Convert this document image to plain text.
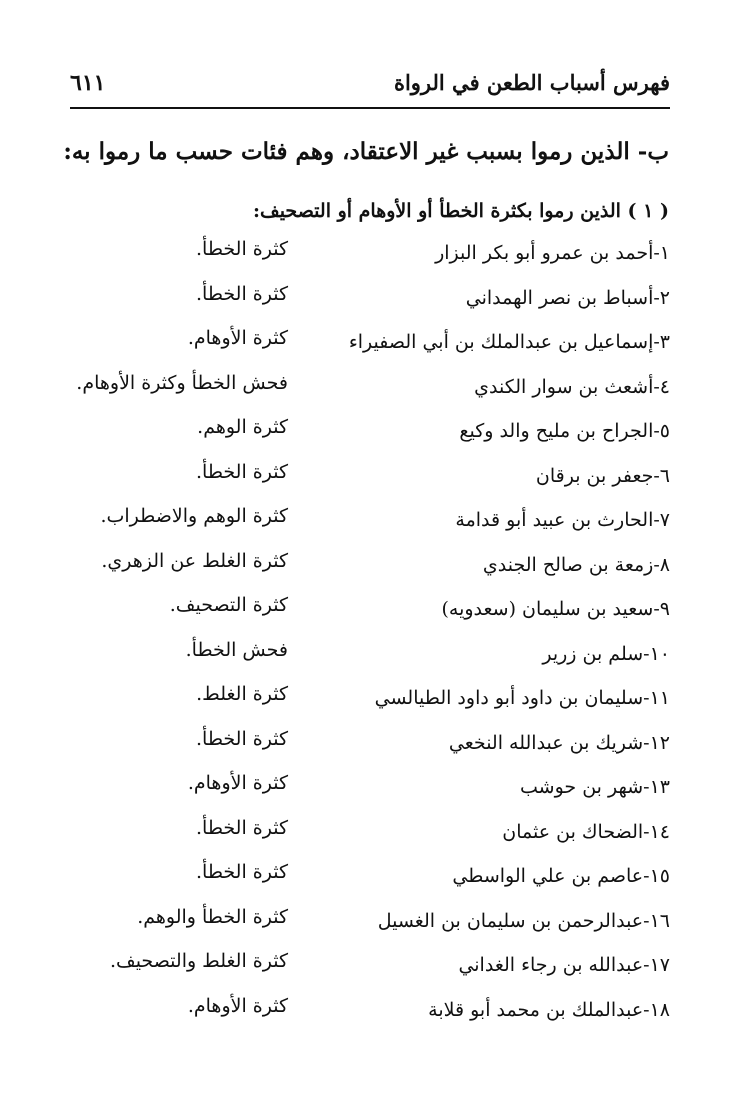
فهرس أسباب الطعن في الرواة
٦١١
ب- الذين رموا بسبب غير الاعتقاد، وهم فئات حسب ما رموا به:
( ١ ) الذين رموا بكثرة الخطأ أو الأوهام أو التصحيف:
١-أحمد بن عمرو أبو بكر البزار
كثرة الخطأ.
٢-أسباط بن نصر الهمداني
كثرة الخطأ.
٣-إسماعيل بن عبدالملك بن أبي الصفيراء
كثرة الأوهام.
٤-أشعث بن سوار الكندي
فحش الخطأ وكثرة الأوهام.
٥-الجراح بن مليح والد وكيع
كثرة الوهم.
٦-جعفر بن برقان
كثرة الخطأ.
٧-الحارث بن عبيد أبو قدامة
كثرة الوهم والاضطراب.
٨-زمعة بن صالح الجندي
كثرة الغلط عن الزهري.
٩-سعيد بن سليمان (سعدويه)
كثرة التصحيف.
١٠-سلم بن زرير
فحش الخطأ.
١١-سليمان بن داود أبو داود الطيالسي
كثرة الغلط.
١٢-شريك بن عبدالله النخعي
كثرة الخطأ.
١٣-شهر بن حوشب
كثرة الأوهام.
١٤-الضحاك بن عثمان
كثرة الخطأ.
١٥-عاصم بن علي الواسطي
كثرة الخطأ.
١٦-عبدالرحمن بن سليمان بن الغسيل
كثرة الخطأ والوهم.
١٧-عبدالله بن رجاء الغداني
كثرة الغلط والتصحيف.
١٨-عبدالملك بن محمد أبو قلابة
كثرة الأوهام.
